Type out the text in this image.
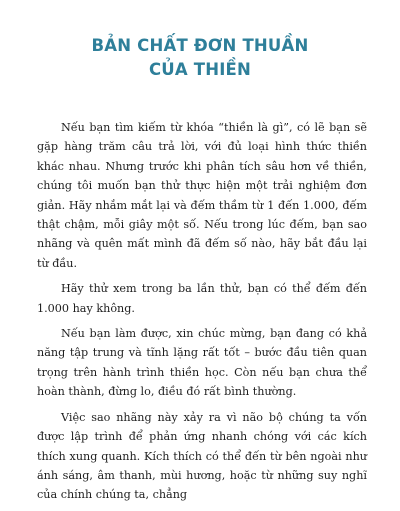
BẢN CHẤT ĐƠN THUẦN
CỦA THIỀN

Nếu bạn tìm kiếm từ khóa “thiền là gì”, có lẽ bạn sẽ gặp hàng trăm câu trả lời, với đủ loại hình thức thiền khác nhau. Nhưng trước khi phân tích sâu hơn về thiền, chúng tôi muốn bạn thử thực hiện một trải nghiệm đơn giản. Hãy nhắm mắt lại và đếm thầm từ 1 đến 1.000, đếm thật chậm, mỗi giây một số. Nếu trong lúc đếm, bạn sao nhãng và quên mất mình đã đếm số nào, hãy bắt đầu lại từ đầu.

Hãy thử xem trong ba lần thử, bạn có thể đếm đến 1.000 hay không.

Nếu bạn làm được, xin chúc mừng, bạn đang có khả năng tập trung và tĩnh lặng rất tốt – bước đầu tiên quan trọng trên hành trình thiền học. Còn nếu bạn chưa thể hoàn thành, đừng lo, điều đó rất bình thường.

Việc sao nhãng này xảy ra vì não bộ chúng ta vốn được lập trình để phản ứng nhanh chóng với các kích thích xung quanh. Kích thích có thể đến từ bên ngoài như ánh sáng, âm thanh, mùi hương, hoặc từ những suy nghĩ của chính chúng ta, chẳng
